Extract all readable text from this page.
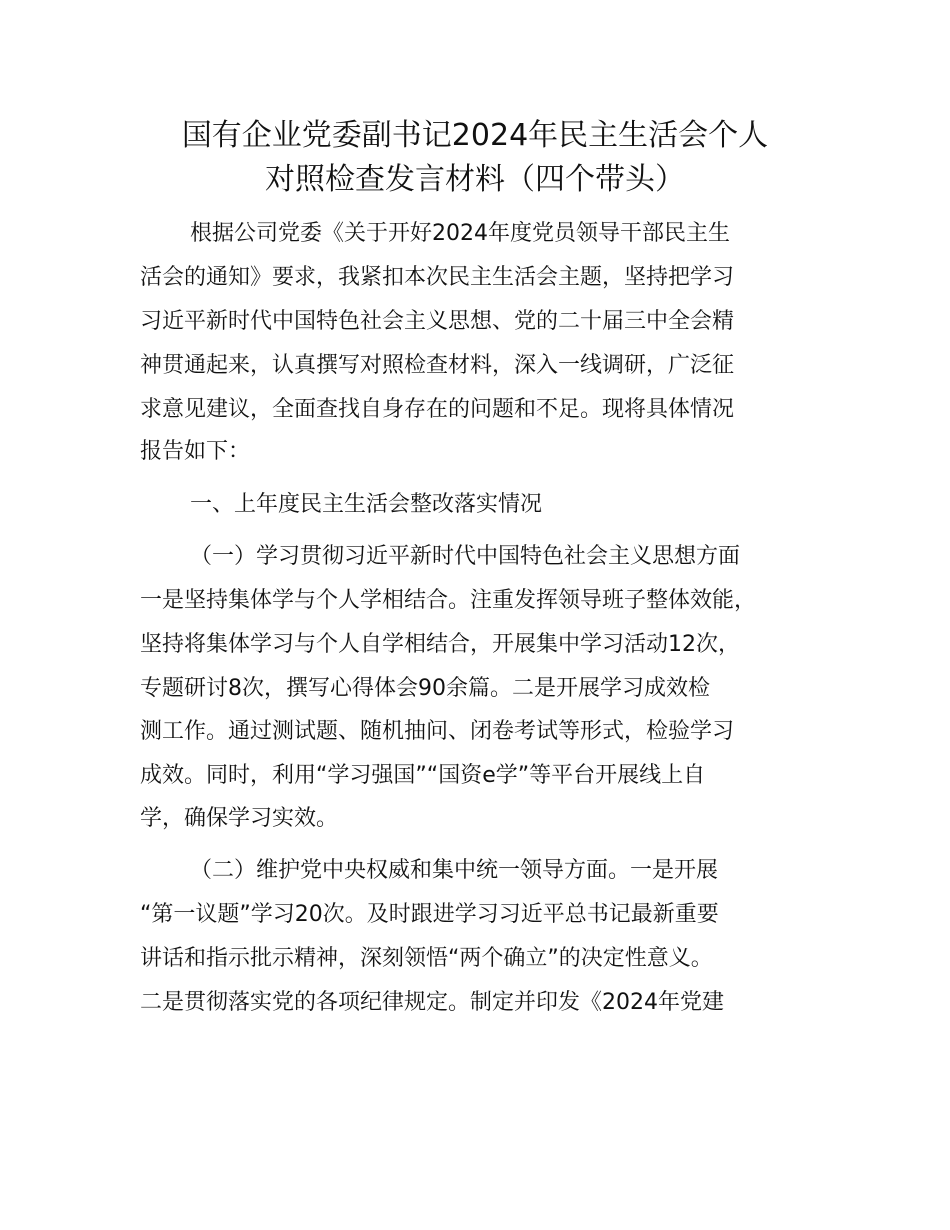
国有企业党委副书记2024年民主生活会个人
对照检查发言材料（四个带头）

根据公司党委《关于开好2024年度党员领导干部民主生

活会的通知》要求，我紧扣本次民主生活会主题，坚持把学习

习近平新时代中国特色社会主义思想、党的二十届三中全会精

神贯通起来，认真撰写对照检查材料，深入一线调研，广泛征

求意见建议，全面查找自身存在的问题和不足。现将具体情况

报告如下：

一、上年度民主生活会整改落实情况

（一）学习贯彻习近平新时代中国特色社会主义思想方面

一是坚持集体学与个人学相结合。注重发挥领导班子整体效能，

坚持将集体学习与个人自学相结合，开展集中学习活动12次，

专题研讨8次，撰写心得体会90余篇。二是开展学习成效检

测工作。通过测试题、随机抽问、闭卷考试等形式，检验学习

成效。同时，利用“学习强国”“国资e学”等平台开展线上自

学，确保学习实效。

（二）维护党中央权威和集中统一领导方面。一是开展

“第一议题”学习20次。及时跟进学习习近平总书记最新重要

讲话和指示批示精神，深刻领悟“两个确立”的决定性意义。

二是贯彻落实党的各项纪律规定。制定并印发《2024年党建
